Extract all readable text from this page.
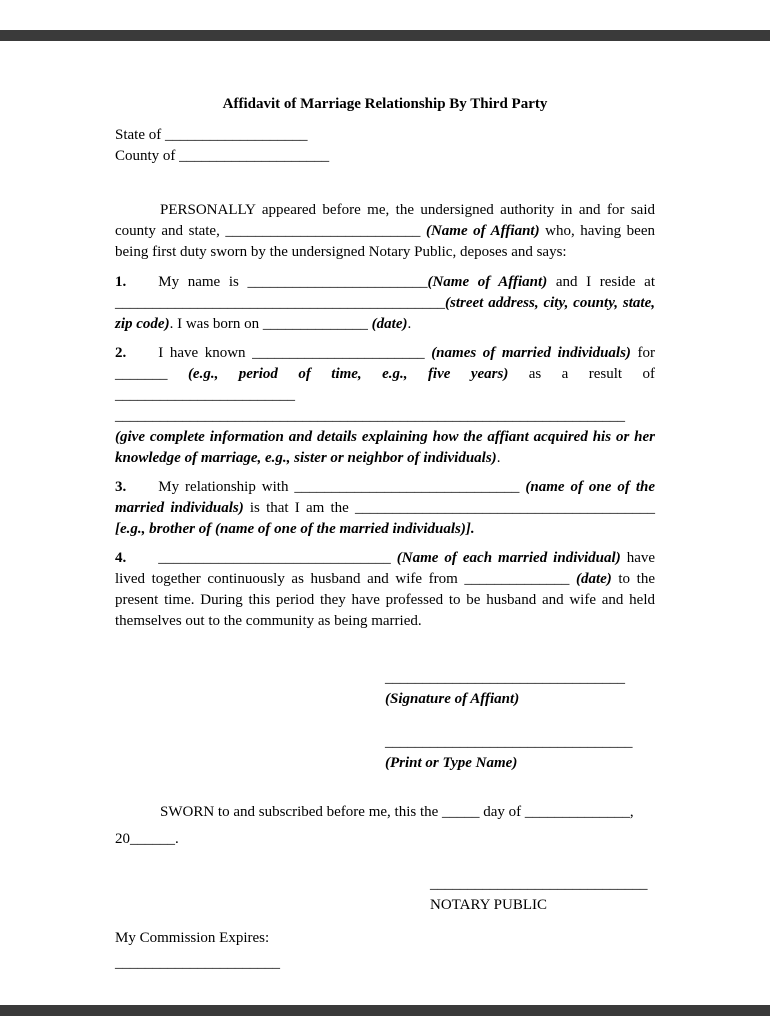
Affidavit of Marriage Relationship By Third Party
State of ___________________
County of ____________________

PERSONALLY appeared before me, the undersigned authority in and for said county and state, __________________________ (Name of Affiant) who, having been being first duty sworn by the undersigned Notary Public, deposes and says:

1. My name is ________________________(Name of Affiant) and I reside at ____________________________________________(street address, city, county, state, zip code). I was born on ______________ (date).

2. I have known _______________________ (names of married individuals) for _______ (e.g., period of time, e.g., five years) as a result of ________________________ ____________________________________________________________________ (give complete information and details explaining how the affiant acquired his or her knowledge of marriage, e.g., sister or neighbor of individuals).

3. My relationship with ______________________________ (name of one of the married individuals) is that I am the ________________________________________ [e.g., brother of (name of one of the married individuals)].

4. _______________________________ (Name of each married individual) have lived together continuously as husband and wife from ______________ (date) to the present time. During this period they have professed to be husband and wife and held themselves out to the community as being married.

________________________________
(Signature of Affiant)
_________________________________
(Print or Type Name)

SWORN to and subscribed before me, this the _____ day of ______________,

20______.

_____________________________
NOTARY PUBLIC
My Commission Expires:
______________________
